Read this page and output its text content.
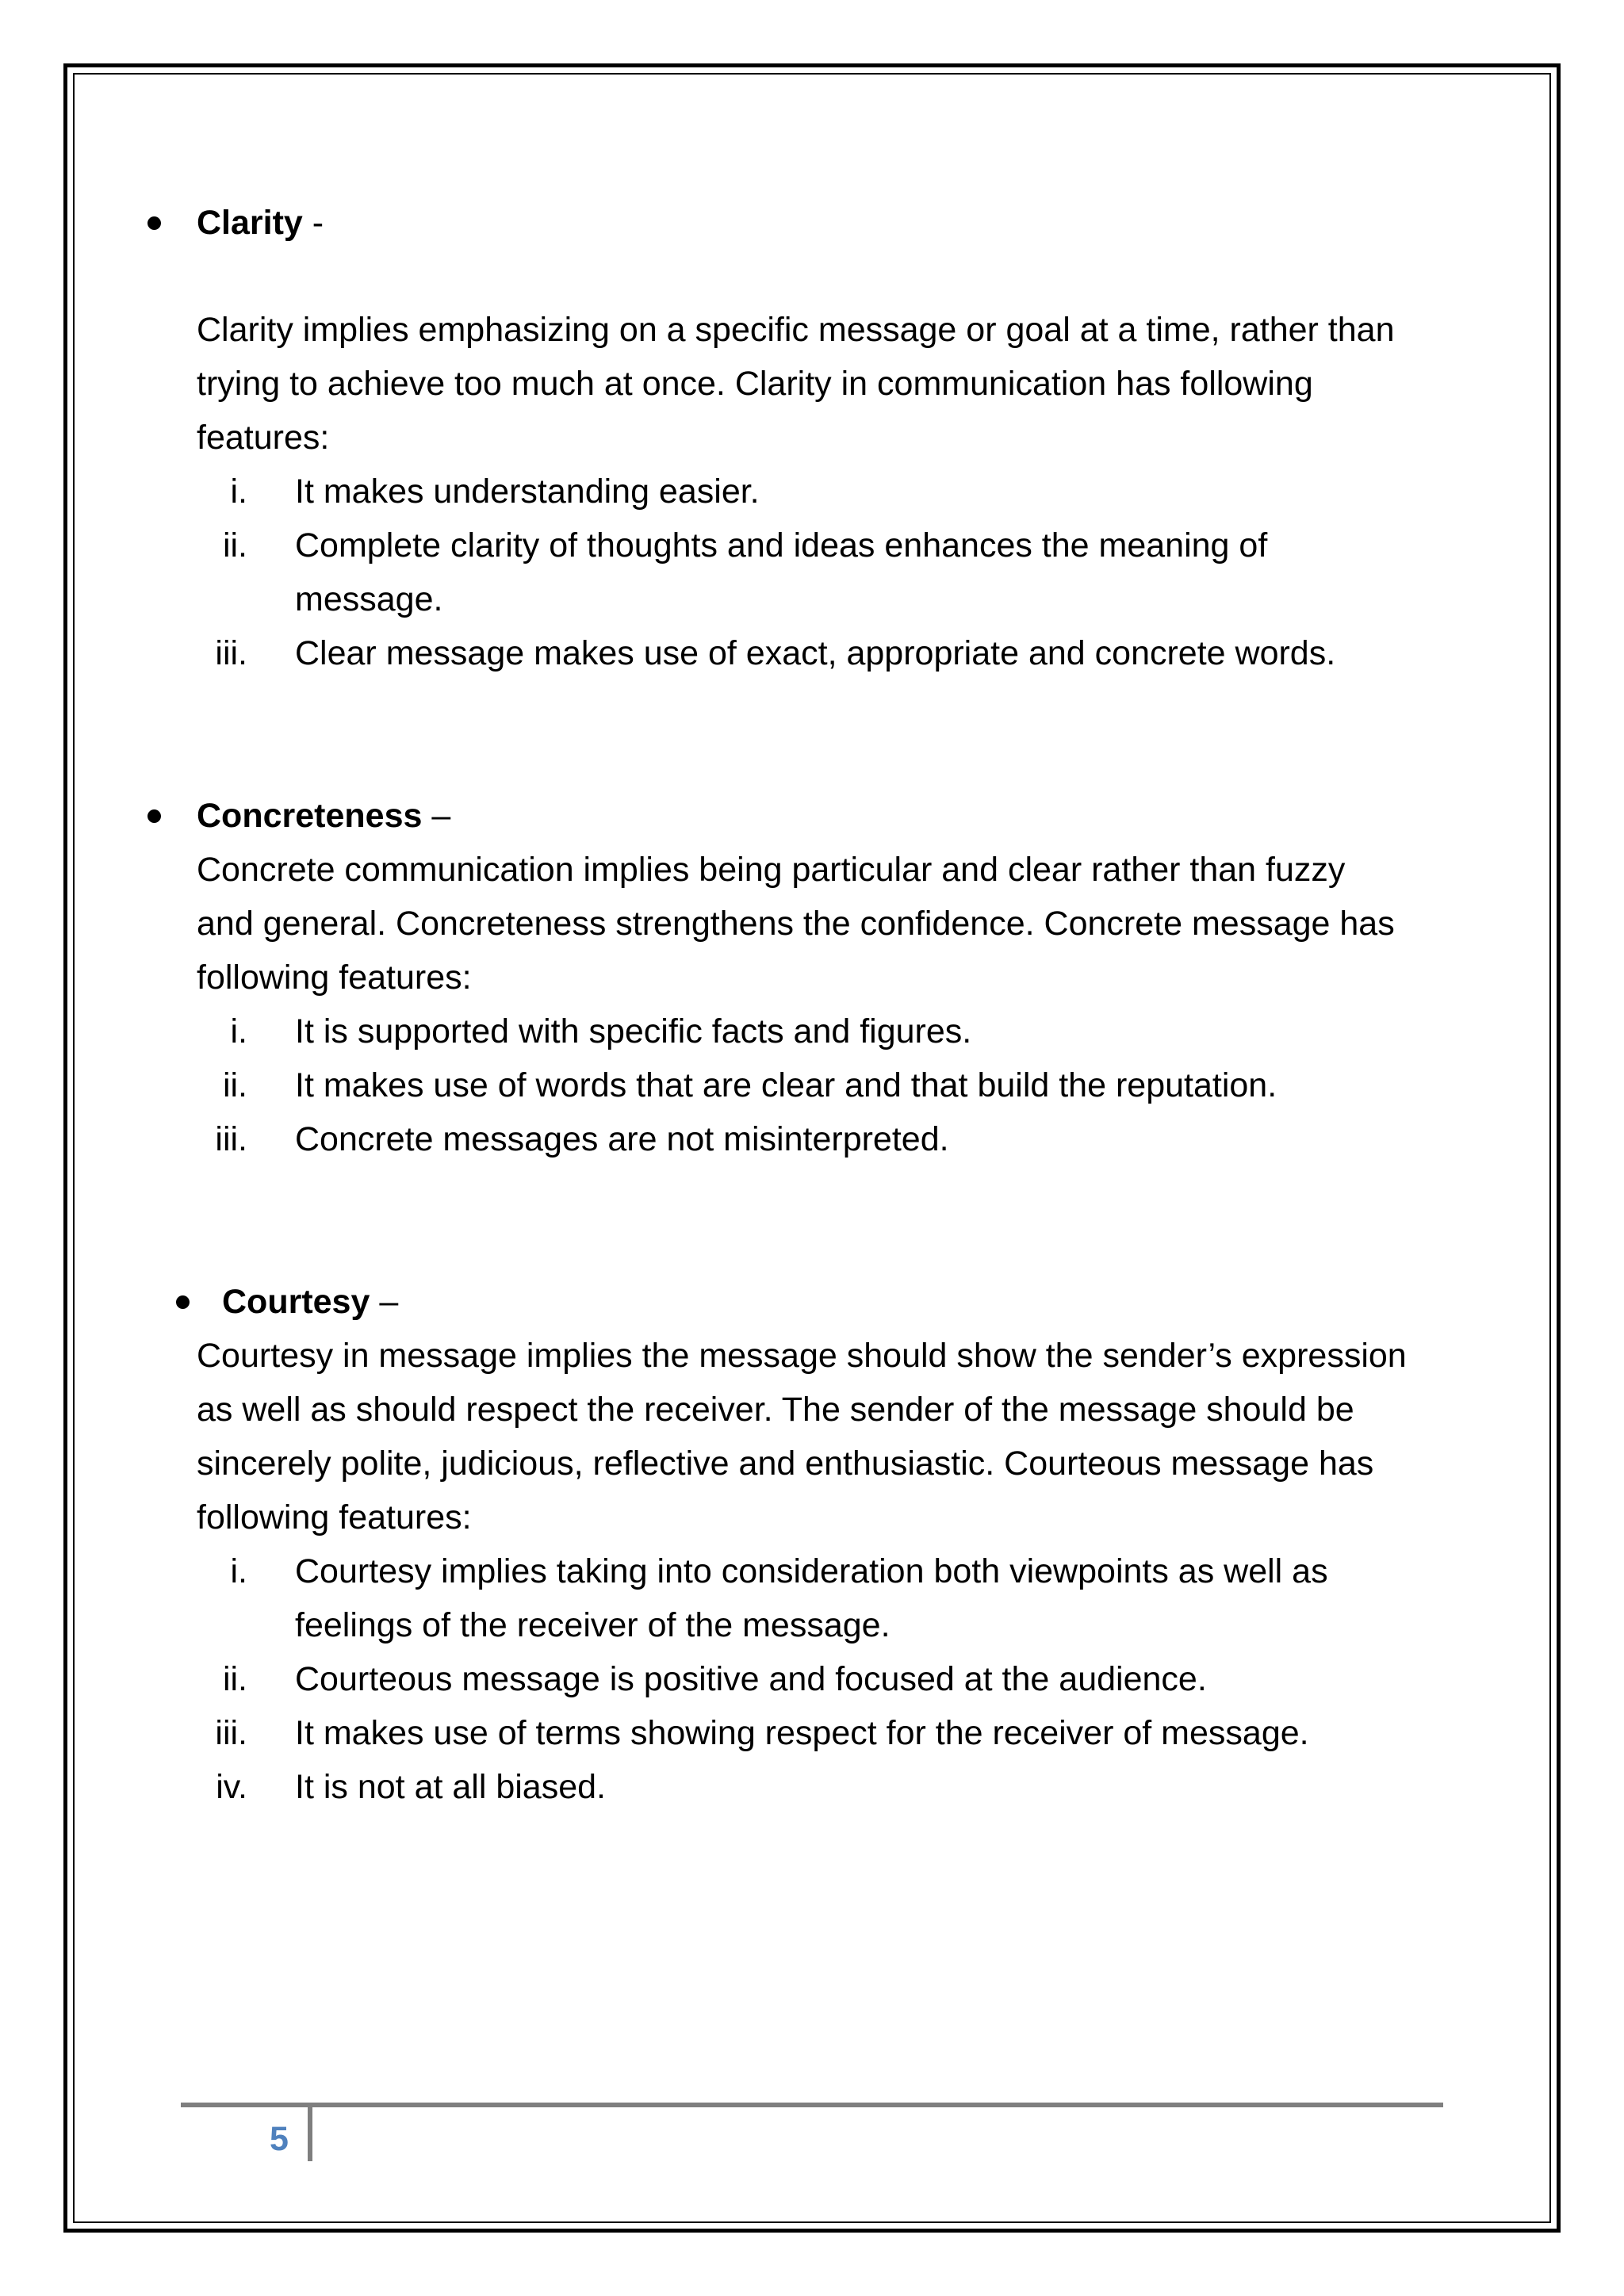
Clarity -
Clarity implies emphasizing on a specific message or goal at a time, rather than
trying to achieve too much at once. Clarity in communication has following
features:
i. It makes understanding easier.
ii. Complete clarity of thoughts and ideas enhances the meaning of
message.
iii. Clear message makes use of exact, appropriate and concrete words.
Concreteness –
Concrete communication implies being particular and clear rather than fuzzy
and general. Concreteness strengthens the confidence. Concrete message has
following features:
i. It is supported with specific facts and figures.
ii. It makes use of words that are clear and that build the reputation.
iii. Concrete messages are not misinterpreted.
Courtesy –
Courtesy in message implies the message should show the sender’s expression
as well as should respect the receiver. The sender of the message should be
sincerely polite, judicious, reflective and enthusiastic. Courteous message has
following features:
i. Courtesy implies taking into consideration both viewpoints as well as
feelings of the receiver of the message.
ii. Courteous message is positive and focused at the audience.
iii. It makes use of terms showing respect for the receiver of message.
iv. It is not at all biased.
5
